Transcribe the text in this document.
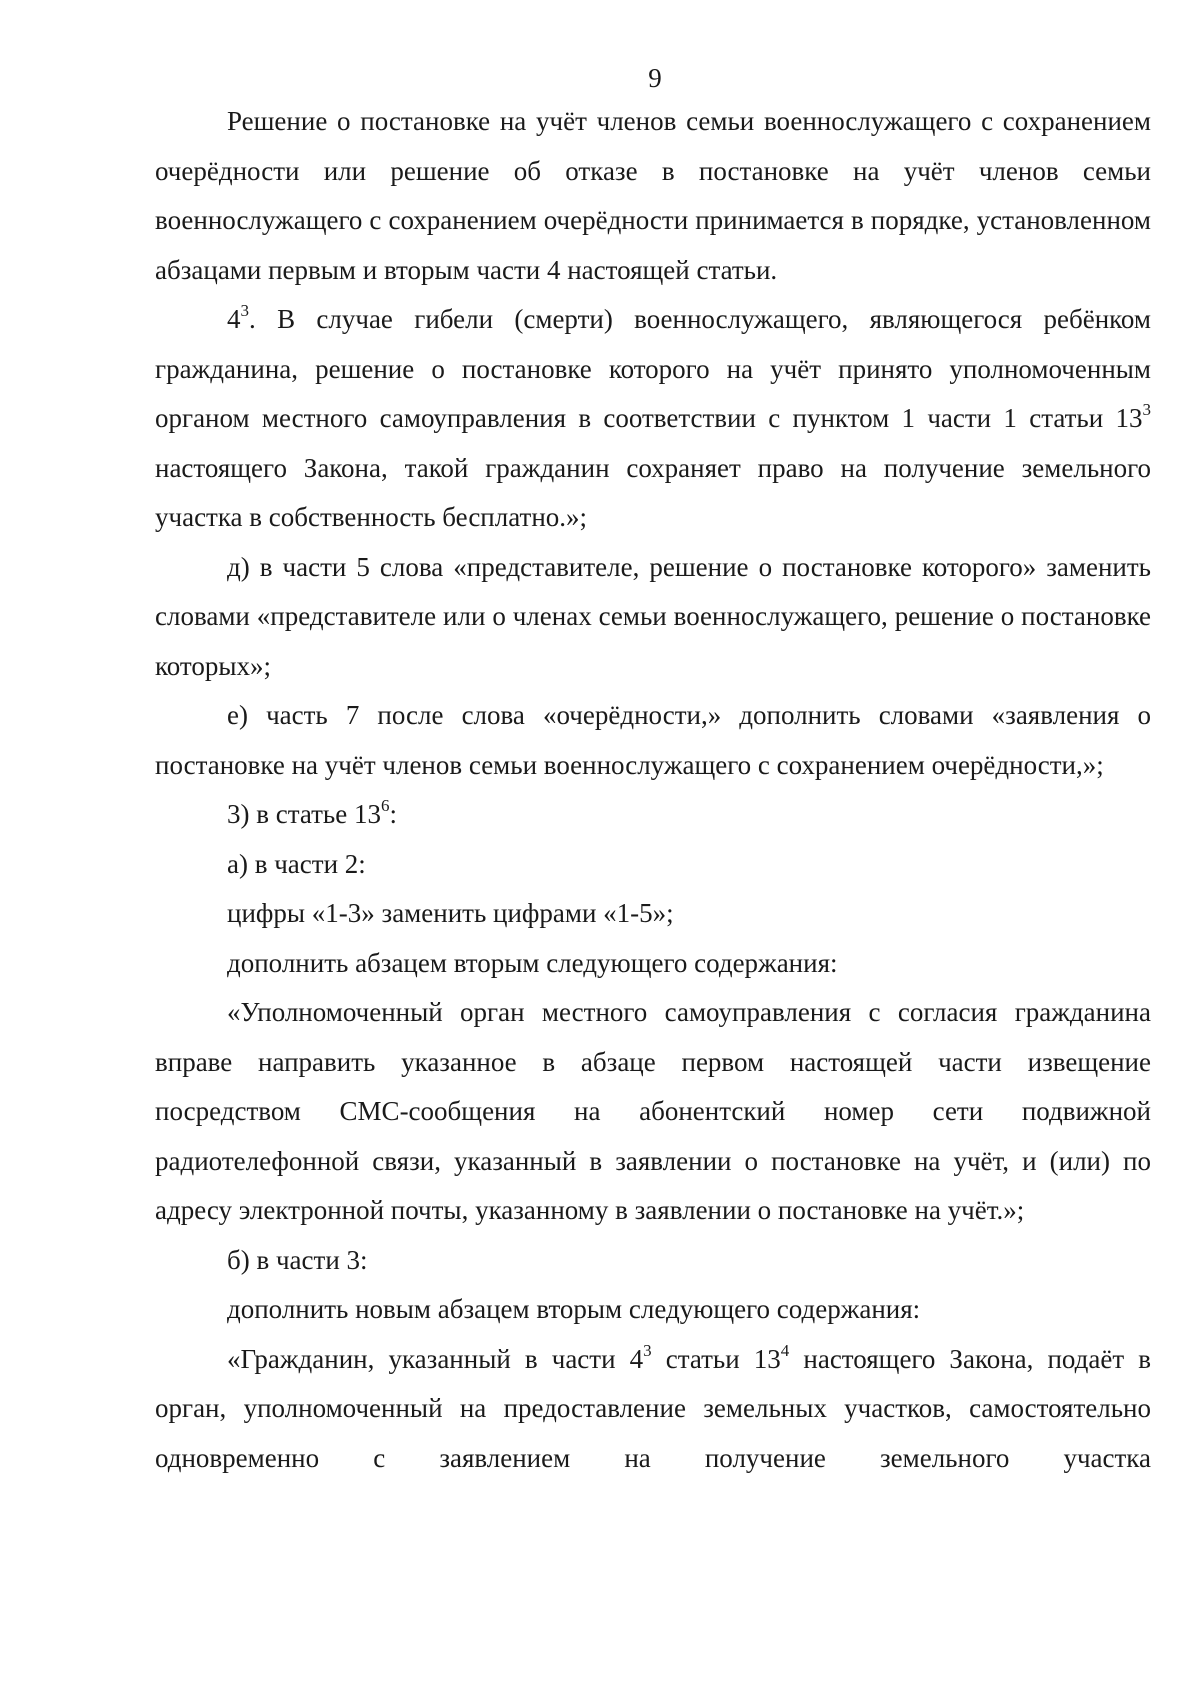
9

Решение о постановке на учёт членов семьи военнослужащего с сохранением очерёдности или решение об отказе в постановке на учёт членов семьи военнослужащего с сохранением очерёдности принимается в порядке, установленном абзацами первым и вторым части 4 настоящей статьи.

$4^3$. В случае гибели (смерти) военнослужащего, являющегося ребёнком гражданина, решение о постановке которого на учёт принято уполномоченным органом местного самоуправления в соответствии с пунктом 1 части 1 статьи $13^3$ настоящего Закона, такой гражданин сохраняет право на получение земельного участка в собственность бесплатно.»;

д) в части 5 слова «представителе, решение о постановке которого» заменить словами «представителе или о членах семьи военнослужащего, решение о постановке которых»;

е) часть 7 после слова «очерёдности,» дополнить словами «заявления о постановке на учёт членов семьи военнослужащего с сохранением очерёдности,»;

3) в статье $13^6$:

а) в части 2:

цифры «1-3» заменить цифрами «1-5»;

дополнить абзацем вторым следующего содержания:

«Уполномоченный орган местного самоуправления с согласия гражданина вправе направить указанное в абзаце первом настоящей части извещение посредством СМС-сообщения на абонентский номер сети подвижной радиотелефонной связи, указанный в заявлении о постановке на учёт, и (или) по адресу электронной почты, указанному в заявлении о постановке на учёт.»;

б) в части 3:

дополнить новым абзацем вторым следующего содержания:

«Гражданин, указанный в части $4^3$ статьи $13^4$ настоящего Закона, подаёт в орган, уполномоченный на предоставление земельных участков, самостоятельно одновременно с заявлением на получение земельного участка
